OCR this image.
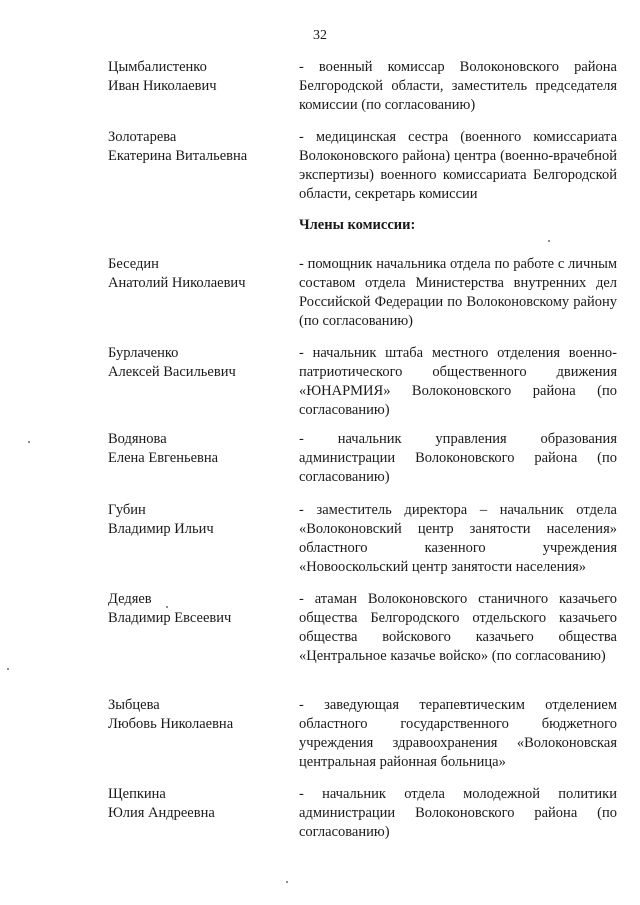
32
Цымбалистенко
Иван Николаевич

- военный комиссар Волоконовского района Белгородской области, заместитель председателя комиссии (по согласованию)

Золотарева
Екатерина Витальевна

- медицинская сестра (военного комиссариата Волоконовского района) центра (военно-врачебной экспертизы) военного комиссариата Белгородской области, секретарь комиссии

Члены комиссии:
Беседин
Анатолий Николаевич

- помощник начальника отдела по работе с личным составом отдела Министерства внутренних дел Российской Федерации по Волоконовскому району (по согласованию)

Бурлаченко
Алексей Васильевич

- начальник штаба местного отделения военно-патриотического общественного движения «ЮНАРМИЯ» Волоконовского района (по согласованию)

Водянова
Елена Евгеньевна

- начальник управления образования администрации Волоконовского района (по согласованию)

Губин
Владимир Ильич

- заместитель директора – начальник отдела «Волоконовский центр занятости населения» областного казенного учреждения «Новооскольский центр занятости населения»

Дедяев
Владимир Евсеевич

- атаман Волоконовского станичного казачьего общества Белгородского отдельского казачьего общества войскового казачьего общества «Центральное казачье войско» (по согласованию)

Зыбцева
Любовь Николаевна

- заведующая терапевтическим отделением областного государственного бюджетного учреждения здравоохранения «Волоконовская центральная районная больница»

Щепкина
Юлия Андреевна

- начальник отдела молодежной политики администрации Волоконовского района (по согласованию)
